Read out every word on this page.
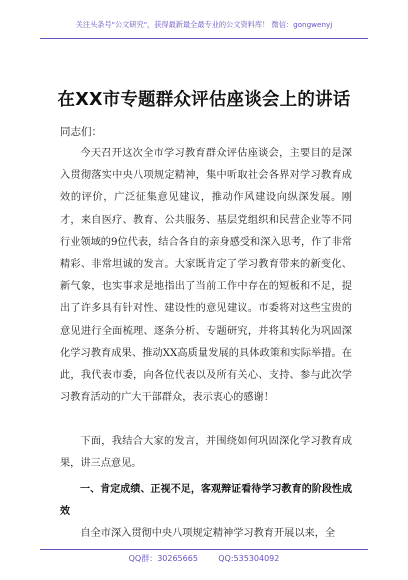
关注头条号"公文研究"，获得最新最全最专业的公文资料库！ 微信：gongwenyj
在XX市专题群众评估座谈会上的讲话
同志们：

今天召开这次全市学习教育群众评估座谈会，主要目的是深入贯彻落实中央八项规定精神，集中听取社会各界对学习教育成效的评价，广泛征集意见建议，推动作风建设向纵深发展。刚才，来自医疗、教育、公共服务、基层党组织和民营企业等不同行业领域的9位代表，结合各自的亲身感受和深入思考，作了非常精彩、非常坦诚的发言。大家既肯定了学习教育带来的新变化、新气象，也实事求是地指出了当前工作中存在的短板和不足，提出了许多具有针对性、建设性的意见建议。市委将对这些宝贵的意见进行全面梳理、逐条分析、专题研究，并将其转化为巩固深化学习教育成果、推动XX高质量发展的具体政策和实际举措。在此，我代表市委，向各位代表以及所有关心、支持、参与此次学习教育活动的广大干部群众，表示衷心的感谢！

下面，我结合大家的发言，并围绕如何巩固深化学习教育成果，讲三点意见。

一、肯定成绩、正视不足，客观辩证看待学习教育的阶段性成效

自全市深入贯彻中央八项规定精神学习教育开展以来，全

QQ群：30265665        QQ:535304092
